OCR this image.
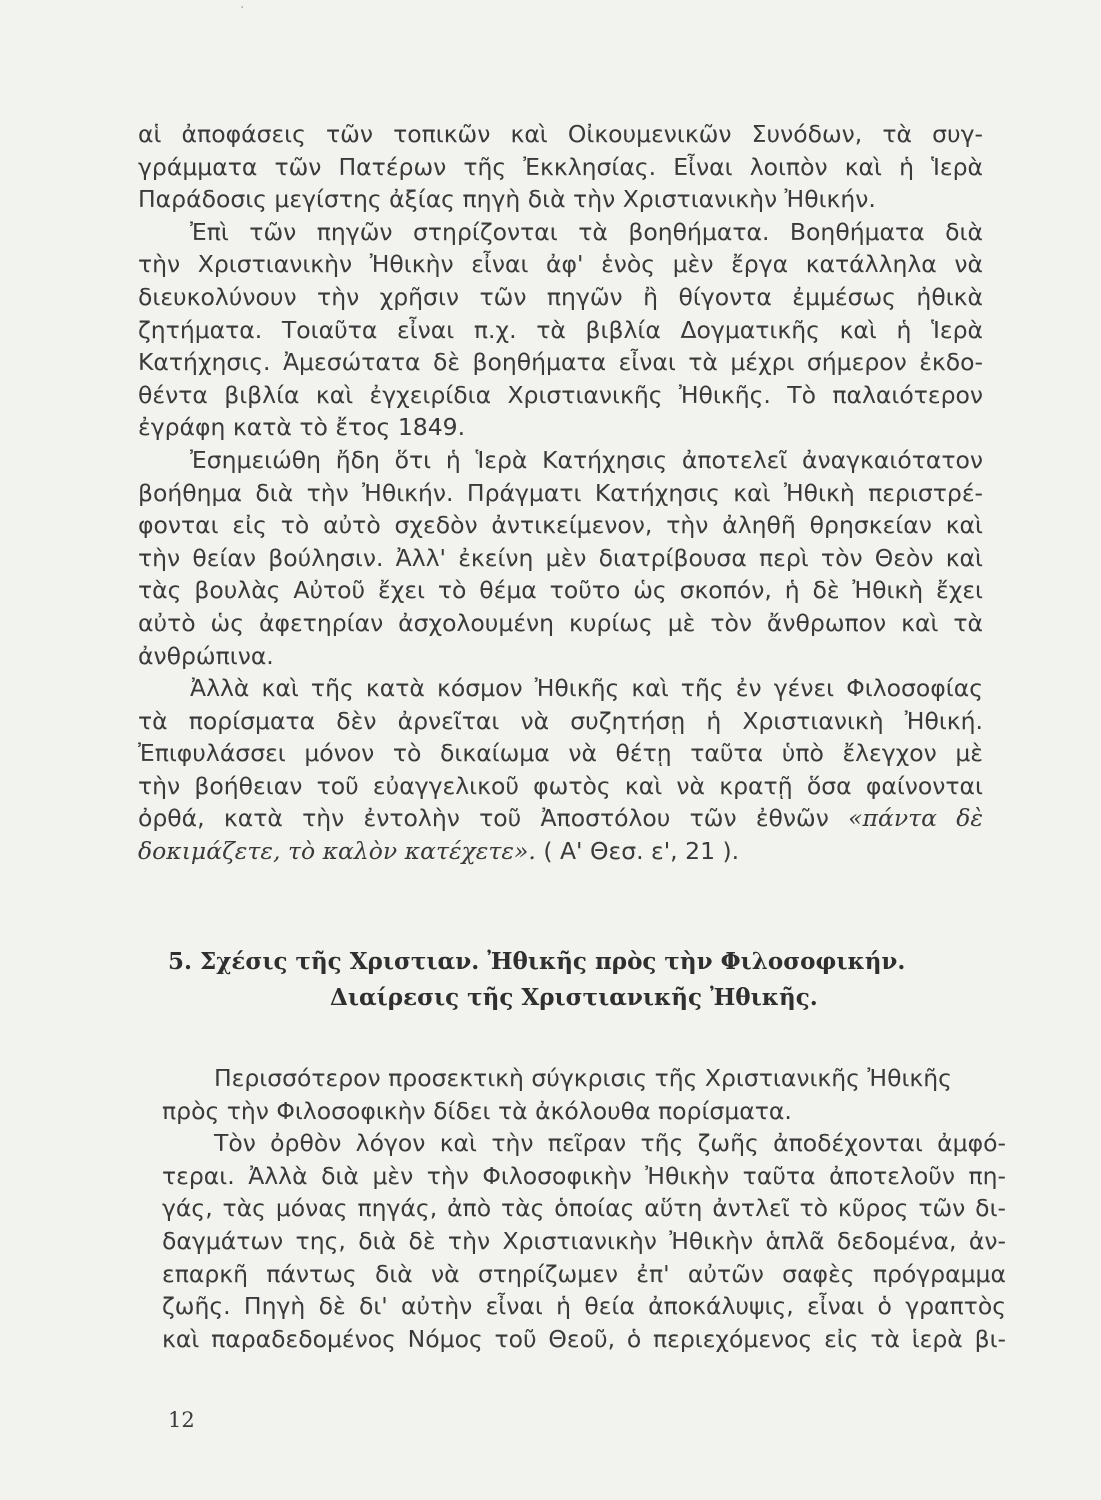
·
αἱ ἀποφάσεις τῶν τοπικῶν καὶ Οἰκουμενικῶν Συνόδων, τὰ συγ-
γράμματα τῶν Πατέρων τῆς Ἐκκλησίας. Εἶναι λοιπὸν καὶ ἡ Ἱερὰ
Παράδοσις μεγίστης ἀξίας πηγὴ διὰ τὴν Χριστιανικὴν Ἠθικήν.
Ἐπὶ τῶν πηγῶν στηρίζονται τὰ βοηθήματα. Βοηθήματα διὰ
τὴν Χριστιανικὴν Ἠθικὴν εἶναι ἀφ' ἑνὸς μὲν ἔργα κατάλληλα νὰ
διευκολύνουν τὴν χρῆσιν τῶν πηγῶν ἢ θίγοντα ἐμμέσως ἠθικὰ
ζητήματα. Τοιαῦτα εἶναι π.χ. τὰ βιβλία Δογματικῆς καὶ ἡ Ἱερὰ
Κατήχησις. Ἀμεσώτατα δὲ βοηθήματα εἶναι τὰ μέχρι σήμερον ἐκδο-
θέντα βιβλία καὶ ἐγχειρίδια Χριστιανικῆς Ἠθικῆς. Τὸ παλαιότερον
ἐγράφη κατὰ τὸ ἔτος 1849.
Ἐσημειώθη ἤδη ὅτι ἡ Ἱερὰ Κατήχησις ἀποτελεῖ ἀναγκαιότατον
βοήθημα διὰ τὴν Ἠθικήν. Πράγματι Κατήχησις καὶ Ἠθικὴ περιστρέ-
φονται εἰς τὸ αὐτὸ σχεδὸν ἀντικείμενον, τὴν ἀληθῆ θρησκείαν καὶ
τὴν θείαν βούλησιν. Ἀλλ' ἐκείνη μὲν διατρίβουσα περὶ τὸν Θεὸν καὶ
τὰς βουλὰς Αὐτοῦ ἔχει τὸ θέμα τοῦτο ὡς σκοπόν, ἡ δὲ Ἠθικὴ ἔχει
αὐτὸ ὡς ἀφετηρίαν ἀσχολουμένη κυρίως μὲ τὸν ἄνθρωπον καὶ τὰ
ἀνθρώπινα.
Ἀλλὰ καὶ τῆς κατὰ κόσμον Ἠθικῆς καὶ τῆς ἐν γένει Φιλοσοφίας
τὰ πορίσματα δὲν ἀρνεῖται νὰ συζητήσῃ ἡ Χριστιανικὴ Ἠθική.
Ἐπιφυλάσσει μόνον τὸ δικαίωμα νὰ θέτῃ ταῦτα ὑπὸ ἔλεγχον μὲ
τὴν βοήθειαν τοῦ εὐαγγελικοῦ φωτὸς καὶ νὰ κρατῇ ὅσα φαίνονται
ὀρθά, κατὰ τὴν ἐντολὴν τοῦ Ἀποστόλου τῶν ἐθνῶν «πάντα δὲ
δοκιμάζετε, τὸ καλὸν κατέχετε». ( Α' Θεσ. ε', 21 ).
5. Σχέσις τῆς Χριστιαν. Ἠθικῆς πρὸς τὴν Φιλοσοφικήν.
Διαίρεσις τῆς Χριστιανικῆς Ἠθικῆς.
Περισσότερον προσεκτικὴ σύγκρισις τῆς Χριστιανικῆς Ἠθικῆς
πρὸς τὴν Φιλοσοφικὴν δίδει τὰ ἀκόλουθα πορίσματα.
Τὸν ὀρθὸν λόγον καὶ τὴν πεῖραν τῆς ζωῆς ἀποδέχονται ἀμφό-
τεραι. Ἀλλὰ διὰ μὲν τὴν Φιλοσοφικὴν Ἠθικὴν ταῦτα ἀποτελοῦν πη-
γάς, τὰς μόνας πηγάς, ἀπὸ τὰς ὁποίας αὕτη ἀντλεῖ τὸ κῦρος τῶν δι-
δαγμάτων της, διὰ δὲ τὴν Χριστιανικὴν Ἠθικὴν ἁπλᾶ δεδομένα, ἀν-
επαρκῆ πάντως διὰ νὰ στηρίζωμεν ἐπ' αὐτῶν σαφὲς πρόγραμμα
ζωῆς. Πηγὴ δὲ δι' αὐτὴν εἶναι ἡ θεία ἀποκάλυψις, εἶναι ὁ γραπτὸς
καὶ παραδεδομένος Νόμος τοῦ Θεοῦ, ὁ περιεχόμενος εἰς τὰ ἱερὰ βι-
12
